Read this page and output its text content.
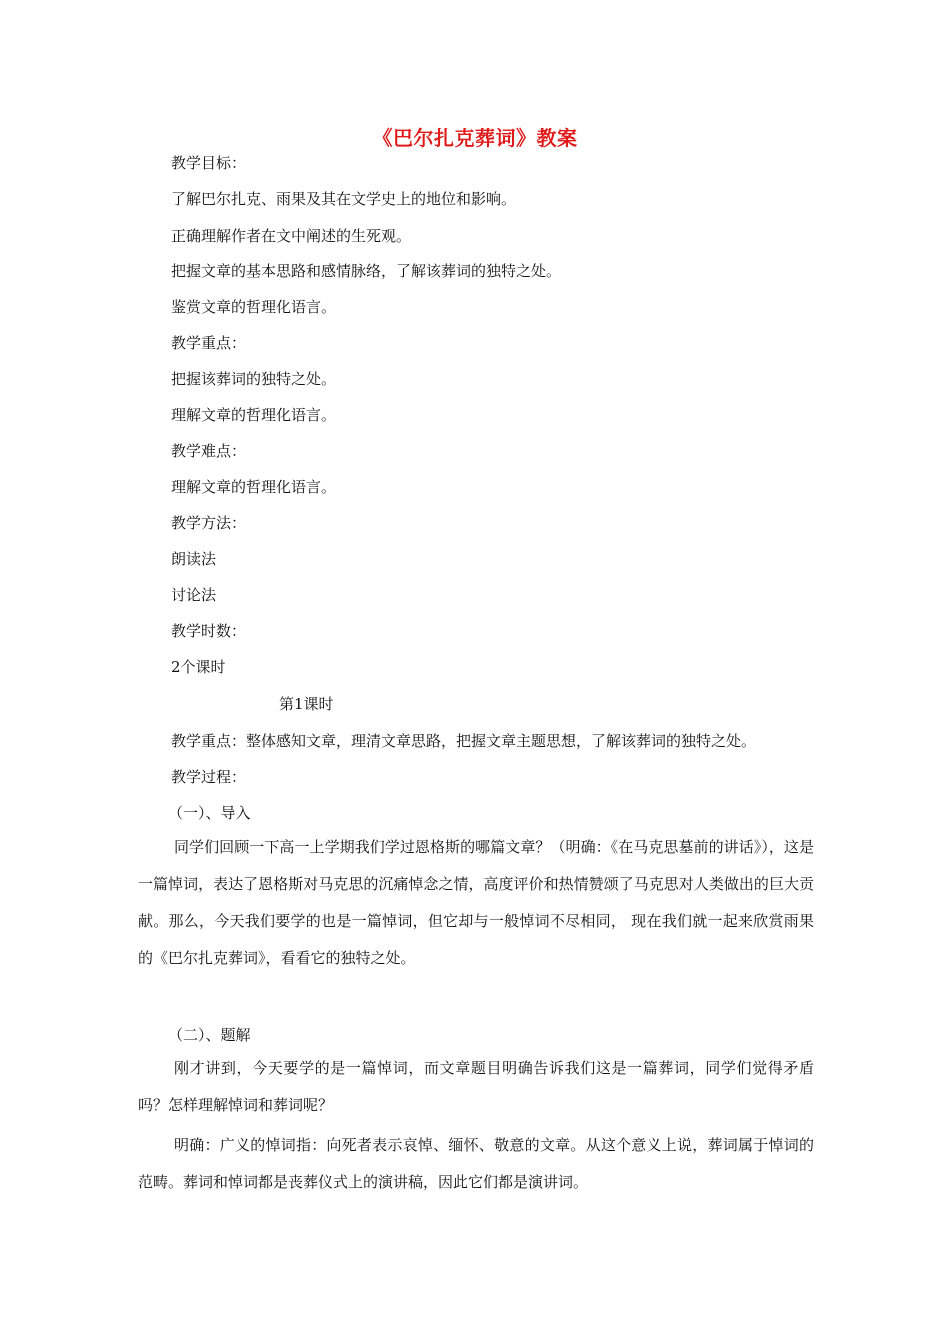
《巴尔扎克葬词》教案
教学目标：
了解巴尔扎克、雨果及其在文学史上的地位和影响。
正确理解作者在文中阐述的生死观。
把握文章的基本思路和感情脉络，了解该葬词的独特之处。
鉴赏文章的哲理化语言。
教学重点：
把握该葬词的独特之处。
理解文章的哲理化语言。
教学难点：
理解文章的哲理化语言。
教学方法：
朗读法
讨论法
教学时数：
2个课时
第1课时
教学重点：整体感知文章，理清文章思路，把握文章主题思想，了解该葬词的独特之处。
教学过程：
（一）、导入
同学们回顾一下高一上学期我们学过恩格斯的哪篇文章？（明确：《在马克思墓前的讲话》），这是一篇悼词，表达了恩格斯对马克思的沉痛悼念之情，高度评价和热情赞颂了马克思对人类做出的巨大贡献。那么，今天我们要学的也是一篇悼词，但它却与一般悼词不尽相同， 现在我们就一起来欣赏雨果的《巴尔扎克葬词》，看看它的独特之处。
（二）、题解
刚才讲到，今天要学的是一篇悼词，而文章题目明确告诉我们这是一篇葬词，同学们觉得矛盾吗？怎样理解悼词和葬词呢？
明确：广义的悼词指：向死者表示哀悼、缅怀、敬意的文章。从这个意义上说，葬词属于悼词的范畴。葬词和悼词都是丧葬仪式上的演讲稿，因此它们都是演讲词。
